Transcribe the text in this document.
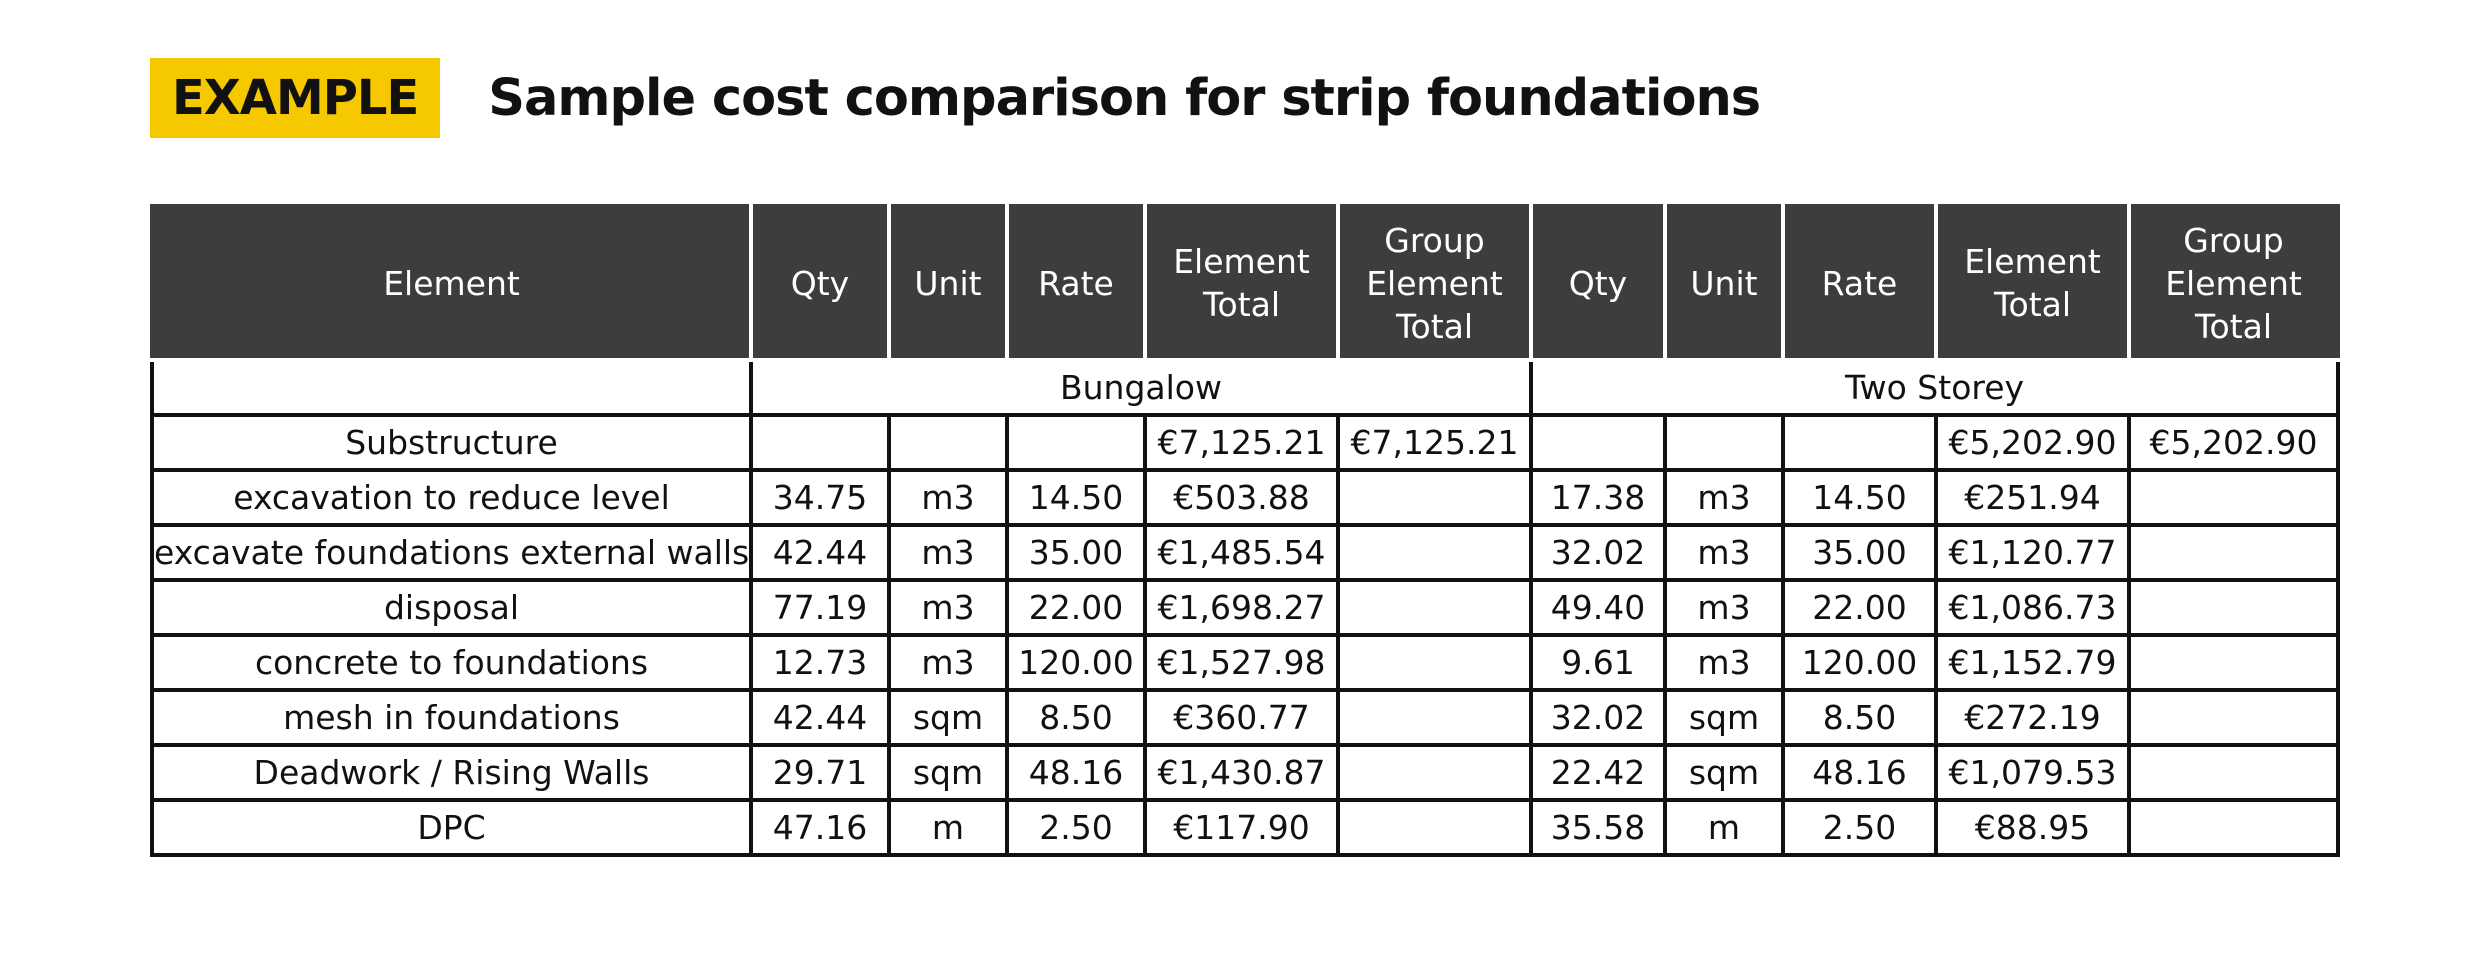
EXAMPLE	Sample cost comparison for strip foundations
Element	Qty	Unit	Rate	Element Total	Group Element Total	Qty	Unit	Rate	Element Total	Group Element Total
	Bungalow					Two Storey				
Substructure				€7,125.21	€7,125.21				€5,202.90	€5,202.90
excavation to reduce level	34.75	m3	14.50	€503.88		17.38	m3	14.50	€251.94	
excavate foundations external walls	42.44	m3	35.00	€1,485.54		32.02	m3	35.00	€1,120.77	
disposal	77.19	m3	22.00	€1,698.27		49.40	m3	22.00	€1,086.73	
concrete to foundations	12.73	m3	120.00	€1,527.98		9.61	m3	120.00	€1,152.79	
mesh in foundations	42.44	sqm	8.50	€360.77		32.02	sqm	8.50	€272.19	
Deadwork / Rising Walls	29.71	sqm	48.16	€1,430.87		22.42	sqm	48.16	€1,079.53	
DPC	47.16	m	2.50	€117.90		35.58	m	2.50	€88.95	
